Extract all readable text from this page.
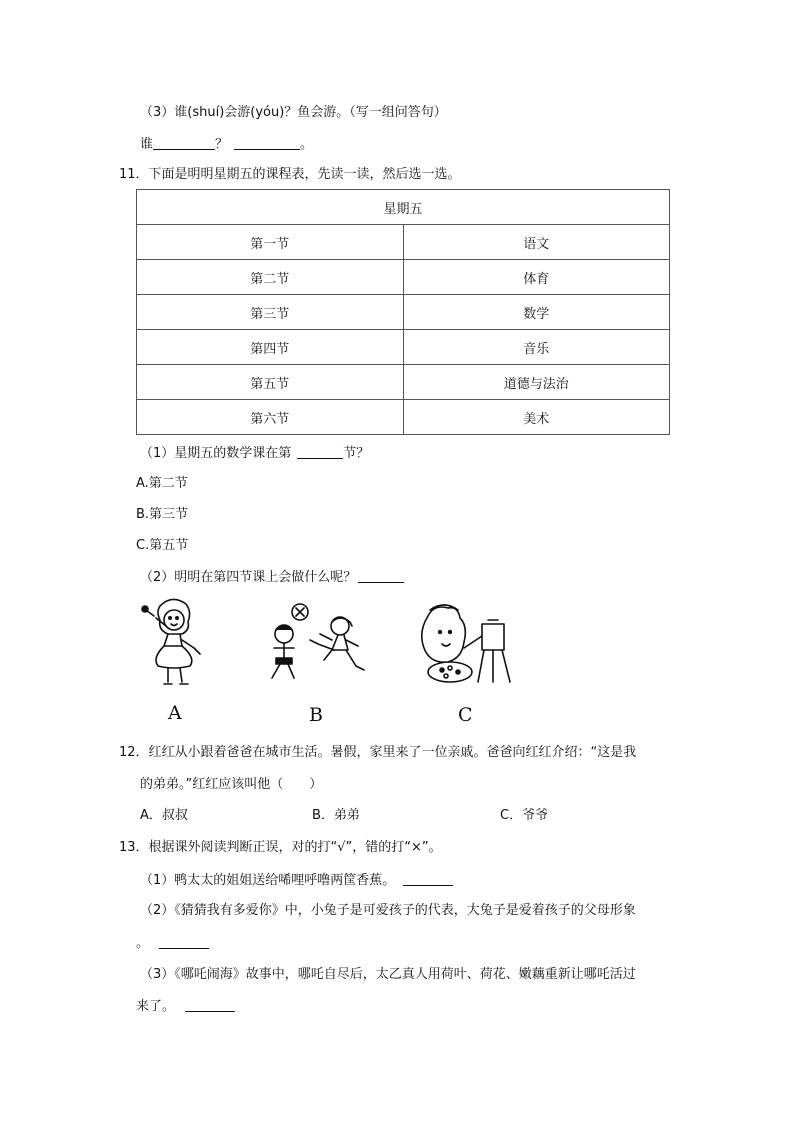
（3）谁(shuí)会游(yóu)？鱼会游。（写一组问答句）
谁	？	。
11．下面是明明星期五的课程表，先读一读，然后选一选。
星期五	
第一节	语文
第二节	体育
第三节	数学
第四节	音乐
第五节	道德与法治
第六节	美术
（1）星期五的数学课在第	节？
A.第二节
B.第三节
C.第五节
（2）明明在第四节课上会做什么呢？
A	B	C
12．红红从小跟着爸爸在城市生活。暑假，家里来了一位亲戚。爸爸向红红介绍：“这是我
的弟弟。”红红应该叫他（　　）
A．叔叔	B．弟弟	C．爷爷
13．根据课外阅读判断正误，对的打“√”，错的打“×”。
（1）鸭太太的姐姐送给唏哩呼噜两筐香蕉。
（2）《猜猜我有多爱你》中，小兔子是可爱孩子的代表，大兔子是爱着孩子的父母形象
。
（3）《哪吒闹海》故事中，哪吒自尽后，太乙真人用荷叶、荷花、嫩藕重新让哪吒活过
来了。
